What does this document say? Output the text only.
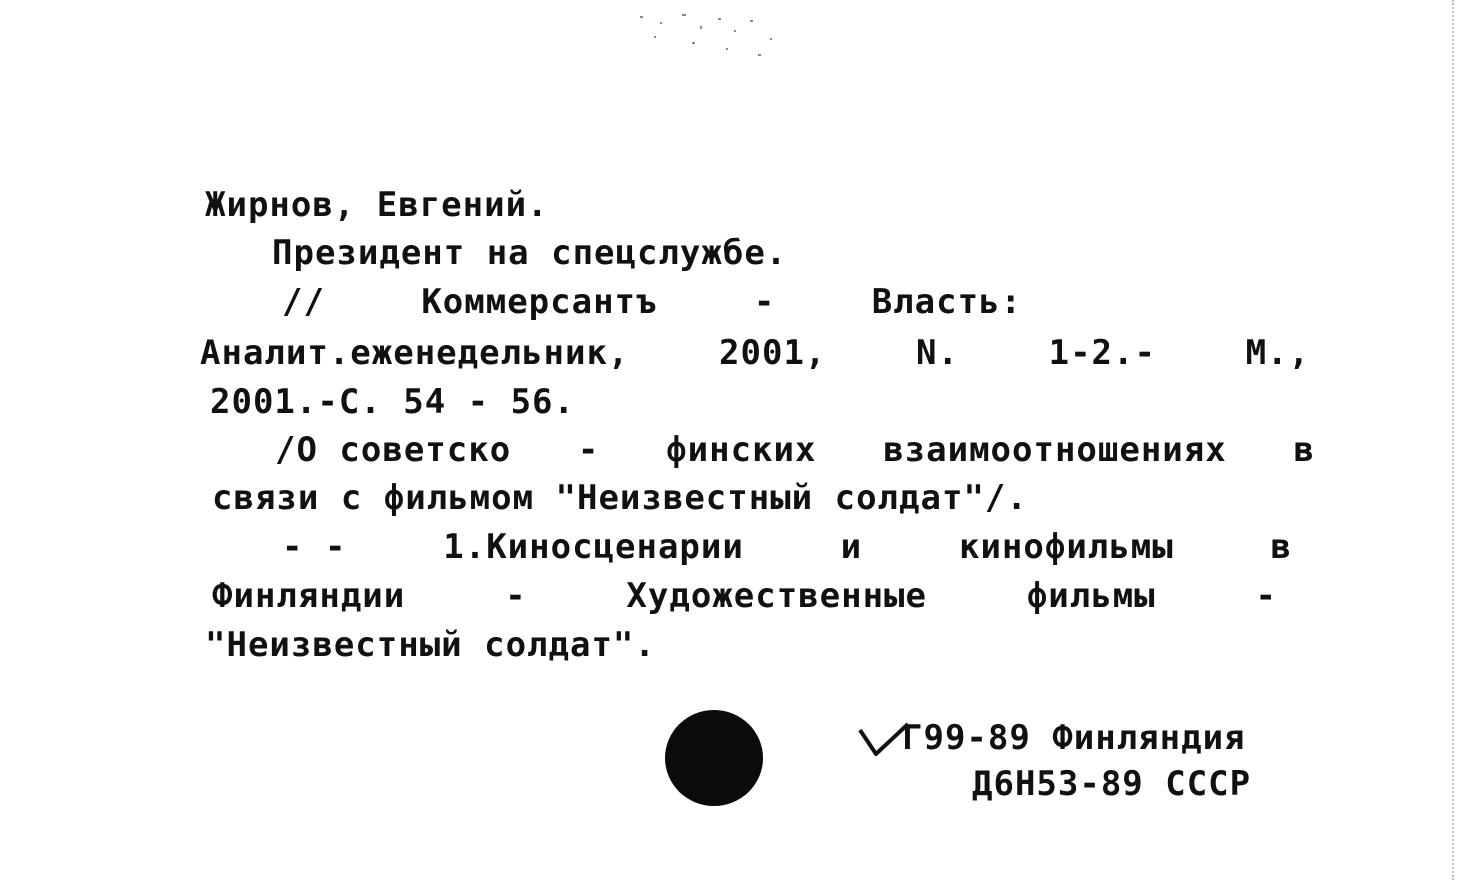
Жирнов, Евгений.
Президент на спецслужбе.
//	Коммерсантъ	-	Власть:
Аналит.еженедельник,	2001,	N.	1-2.-	М.,
2001.-С. 54 - 56.
/О советско - финских взаимоотношениях в
связи с фильмом "Неизвестный солдат"/.
- -	1.Киносценарии	и	кинофильмы	в
Финляндии	-	Художественные	фильмы	-
"Неизвестный солдат".
Г99-89 Финляндия
Д6Н53-89 СССР
